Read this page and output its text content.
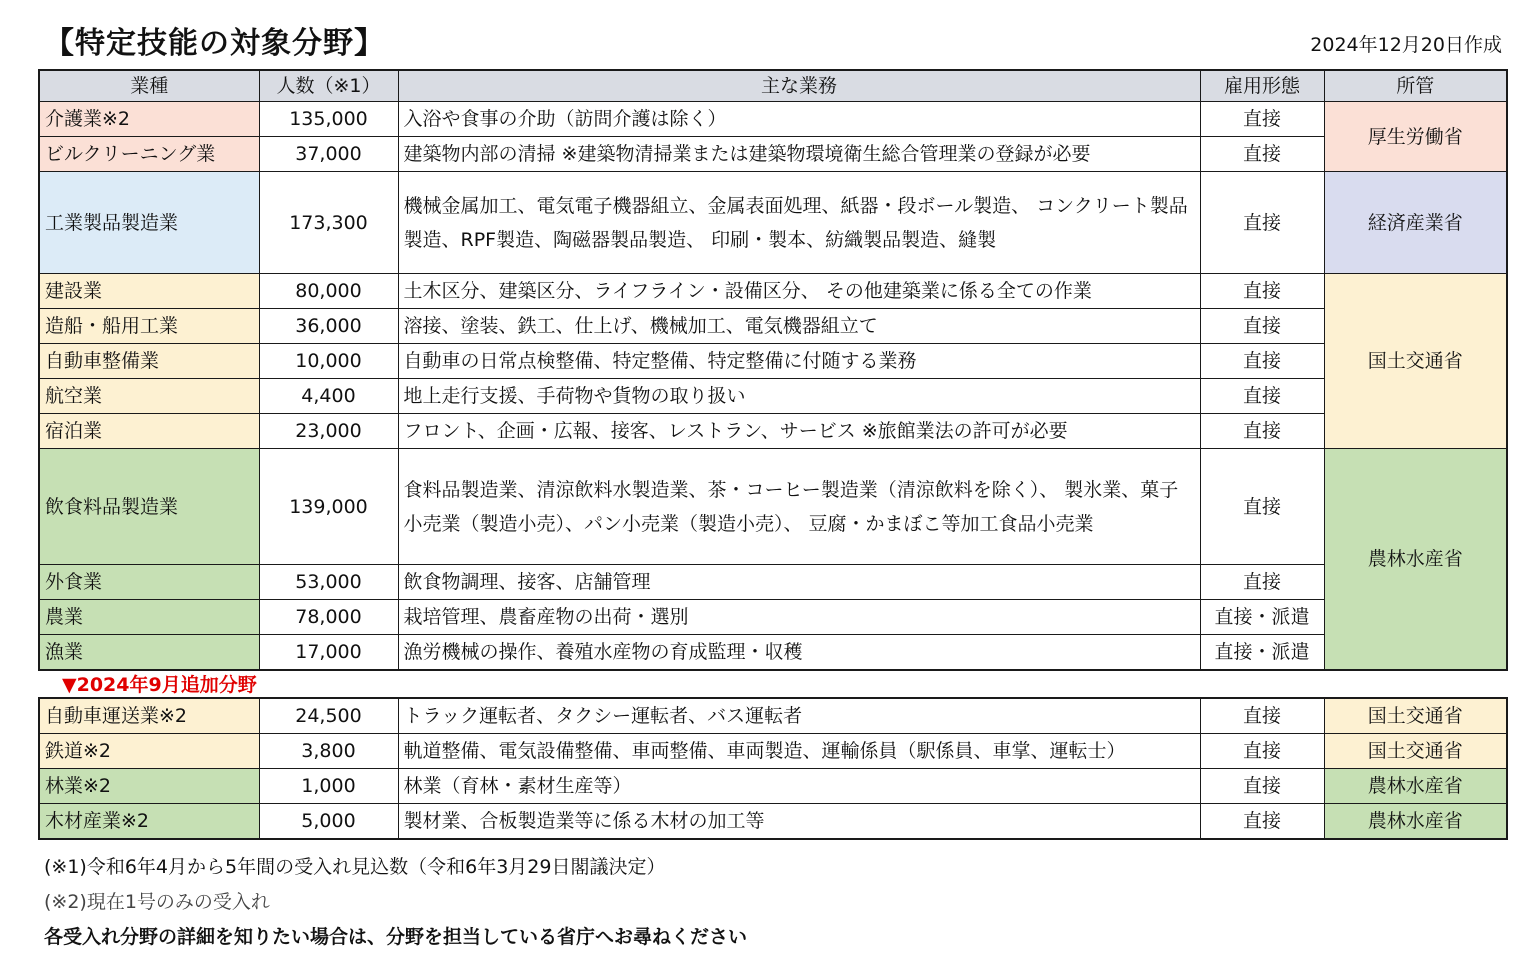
【特定技能の対象分野】	2024年12月20日作成
業種	人数（※1）	主な業務	雇用形態	所管
介護業※2	135,000	入浴や食事の介助（訪問介護は除く）	直接	厚生労働省
ビルクリーニング業	37,000	建築物内部の清掃 ※建築物清掃業または建築物環境衛生総合管理業の登録が必要	直接	
工業製品製造業	173,300	機械金属加工、電気電子機器組立、金属表面処理、紙器・段ボール製造、 コンクリート製品製造、RPF製造、陶磁器製品製造、 印刷・製本、紡織製品製造、縫製	直接	経済産業省
建設業	80,000	土木区分、建築区分、ライフライン・設備区分、 その他建築業に係る全ての作業	直接	国土交通省
造船・船用工業	36,000	溶接、塗装、鉄工、仕上げ、機械加工、電気機器組立て	直接	
自動車整備業	10,000	自動車の日常点検整備、特定整備、特定整備に付随する業務	直接	
航空業	4,400	地上走行支援、手荷物や貨物の取り扱い	直接	
宿泊業	23,000	フロント、企画・広報、接客、レストラン、サービス ※旅館業法の許可が必要	直接	
飲食料品製造業	139,000	食料品製造業、清涼飲料水製造業、茶・コーヒー製造業（清涼飲料を除く）、 製氷業、菓子小売業（製造小売）、パン小売業（製造小売）、 豆腐・かまぼこ等加工食品小売業	直接	農林水産省
外食業	53,000	飲食物調理、接客、店舗管理	直接	
農業	78,000	栽培管理、農畜産物の出荷・選別	直接・派遣	
漁業	17,000	漁労機械の操作、養殖水産物の育成監理・収穫	直接・派遣	
▼2024年9月追加分野
自動車運送業※2	24,500	トラック運転者、タクシー運転者、バス運転者	直接	国土交通省
鉄道※2	3,800	軌道整備、電気設備整備、車両整備、車両製造、運輸係員（駅係員、車掌、運転士）	直接	国土交通省
林業※2	1,000	林業（育林・素材生産等）	直接	農林水産省
木材産業※2	5,000	製材業、合板製造業等に係る木材の加工等	直接	農林水産省
(※1)令和6年4月から5年間の受入れ見込数（令和6年3月29日閣議決定）
(※2)現在1号のみの受入れ
各受入れ分野の詳細を知りたい場合は、分野を担当している省庁へお尋ねください
